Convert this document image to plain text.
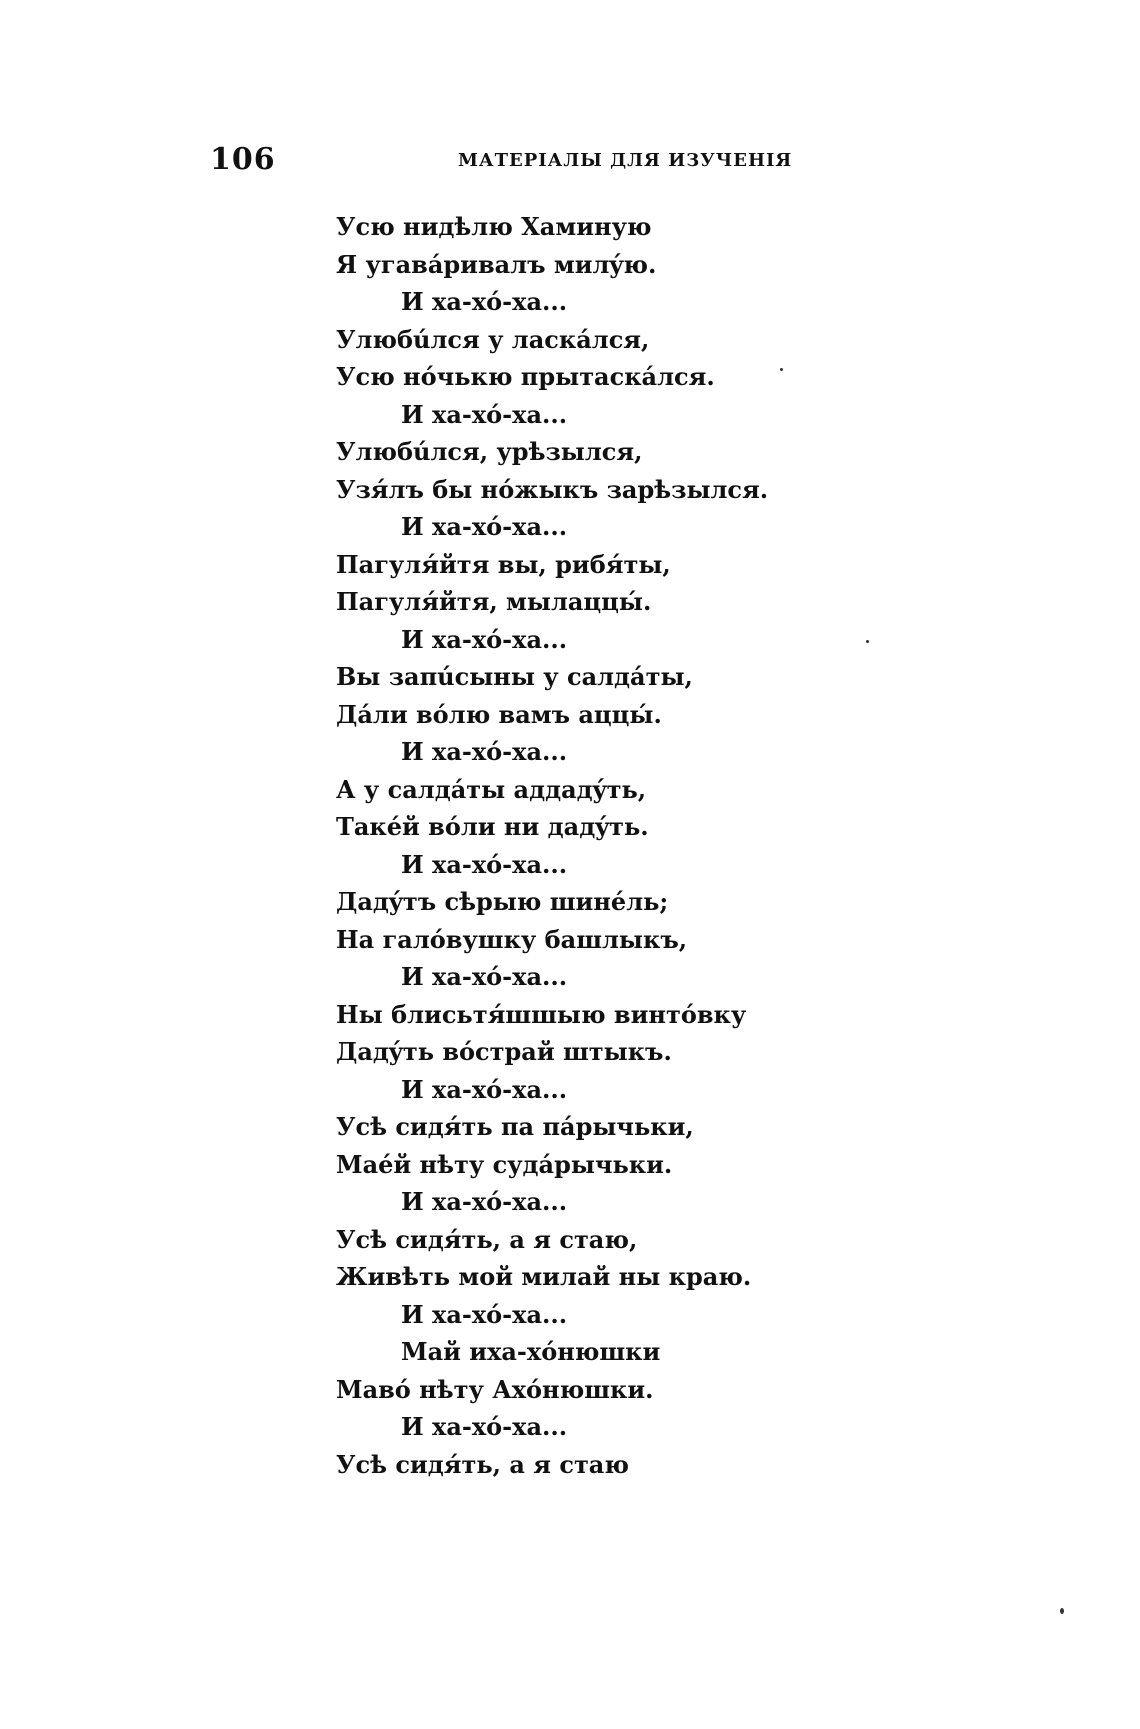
106	МАТЕРІАЛЫ ДЛЯ ИЗУЧЕНІЯ
Усю нидѣлю Хаминую
Я угавáривалъ милýю.
И ха-хó-ха...
Улюбúлся у ласкáлся,
Усю нóчькю прытаскáлся.
И ха-хó-ха...
Улюбúлся, урѣзылся,
Узя́лъ бы нóжыкъ зарѣзылся.
И ха-хó-ха...
Пагуля́йтя вы, рибя́ты,
Пагуля́йтя, мылаццы́.
И ха-хó-ха...
Вы запúсыны у салдáты,
Дáли вóлю вамъ аццы́.
И ха-хó-ха...
А у салдáты аддадýть,
Такéй вóли ни дадýть.
И ха-хó-ха...
Дадýтъ сѣрыю шинéль;
На галóвушку башлыкъ,
И ха-хó-ха...
Ны блисьтя́шшыю винтóвку
Дадýть вóстрай штыкъ.
И ха-хó-ха...
Усѣ сидя́ть па пáрычьки,
Маéй нѣту судáрычьки.
И ха-хó-ха...
Усѣ сидя́ть, а я стаю,
Живѣть мой милай ны краю.
И ха-хó-ха...
Май иха-хóнюшки
Маво́ нѣту Ахóнюшки.
И ха-хó-ха...
Усѣ сидя́ть, а я стаю
